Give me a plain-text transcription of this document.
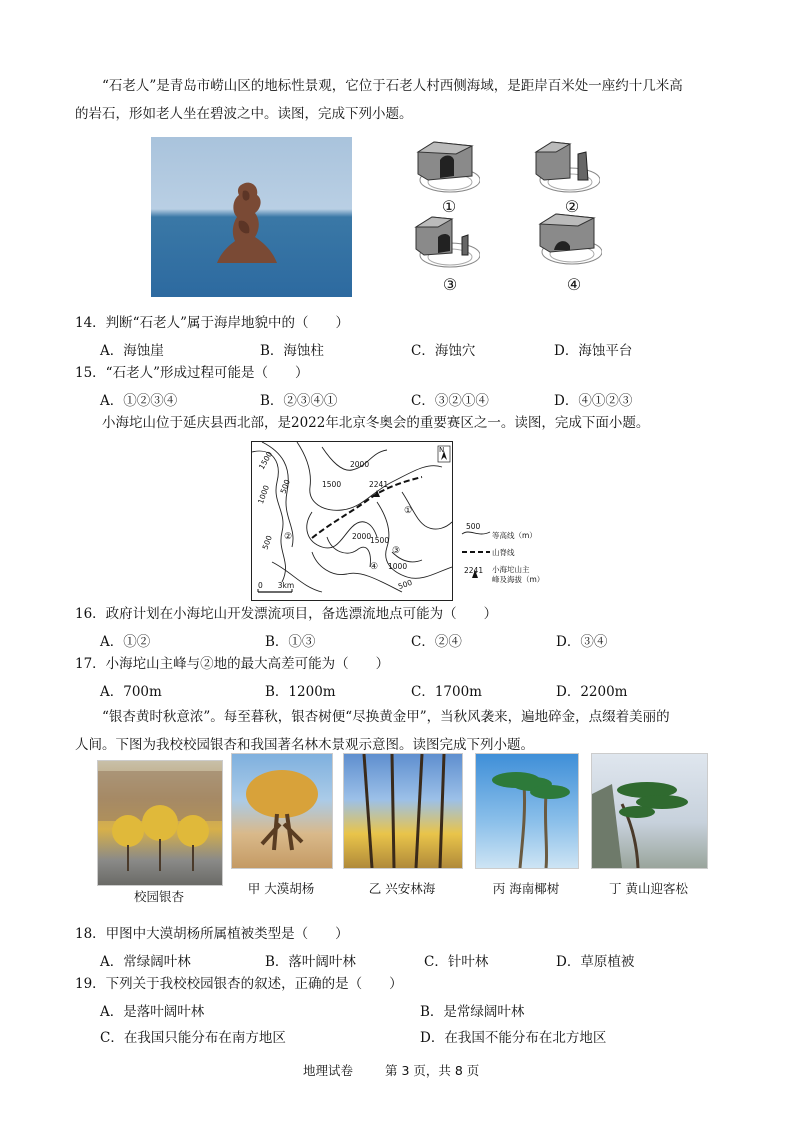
“石老人”是青岛市崂山区的地标性景观，它位于石老人村西侧海域，是距岸百米处一座约十几米高
的岩石，形如老人坐在碧波之中。读图，完成下列小题。
①	②
③	④
14．判断“石老人”属于海岸地貌中的（　　）
A．海蚀崖	B．海蚀柱	C．海蚀穴	D．海蚀平台
15．“石老人”形成过程可能是（　　）
A．①②③④	B．②③④①	C．③②①④	D．④①②③
小海坨山位于延庆县西北部，是2022年北京冬奥会的重要赛区之一。读图，完成下面小题。
N
1500	2000
1500
1000 500
2000
1500
500
1000
500
2241
①
②
③
④
0　　3km
500
等高线（m）
山脊线
2241 小海坨山主
峰及海拔（m）
16．政府计划在小海坨山开发漂流项目，备选漂流地点可能为（　　）
A．①②	B．①③	C．②④	D．③④
17．小海坨山主峰与②地的最大高差可能为（　　）
A．700m	B．1200m	C．1700m	D．2200m
“银杏黄时秋意浓”。每至暮秋，银杏树便“尽换黄金甲”，当秋风袭来，遍地碎金，点缀着美丽的
人间。下图为我校校园银杏和我国著名林木景观示意图。读图完成下列小题。
校园银杏
甲 大漠胡杨	乙 兴安林海	丙 海南椰树	丁 黄山迎客松
18．甲图中大漠胡杨所属植被类型是（　　）
A．常绿阔叶林	B．落叶阔叶林	C．针叶林	D．草原植被
19．下列关于我校校园银杏的叙述，正确的是（　　）
A．是落叶阔叶林	B．是常绿阔叶林
C．在我国只能分布在南方地区	D．在我国不能分布在北方地区
地理试卷	第 3 页，共 8 页
